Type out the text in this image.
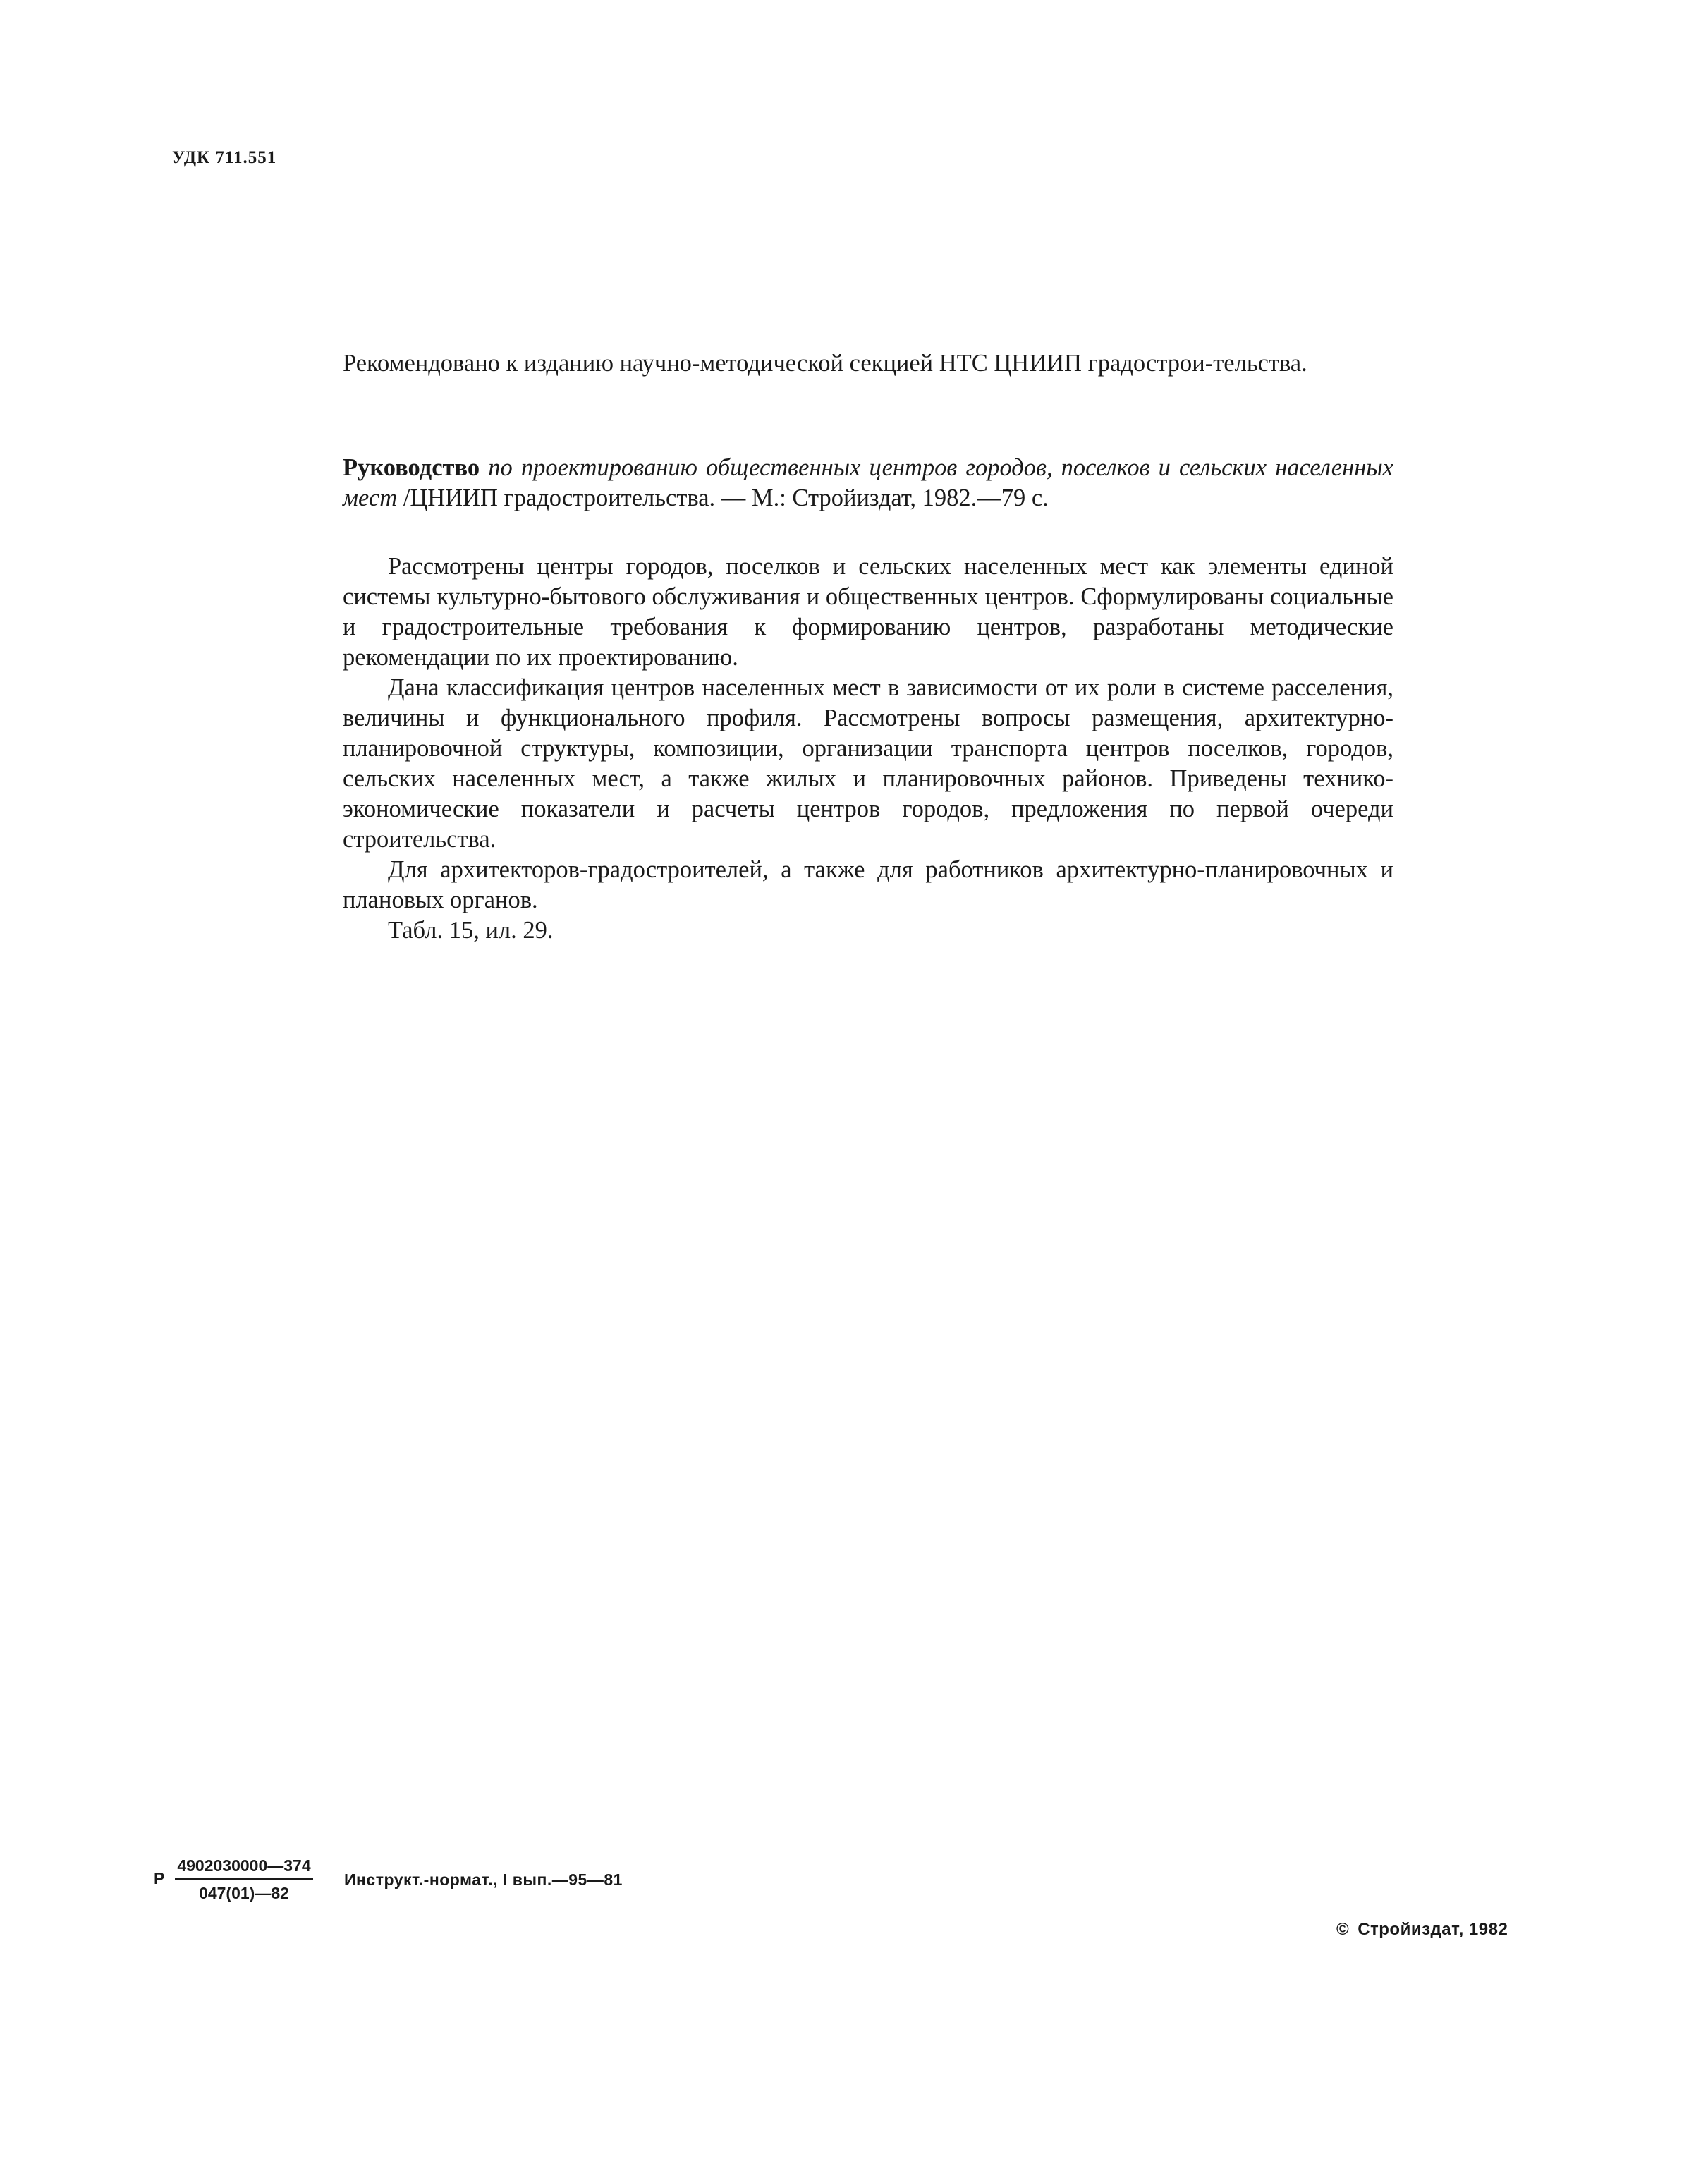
УДК 711.551
Рекомендовано к изданию научно-методической секцией НТС ЦНИИП градострои-тельства.
Руководство по проектированию общественных центров городов, поселков и сельских населенных мест /ЦНИИП градостроительства. — М.: Стройиздат, 1982.—79 с.

Рассмотрены центры городов, поселков и сельских населенных мест как элементы единой системы культурно-бытового обслуживания и общественных центров. Сформулированы социальные и градостроительные требования к формированию центров, разработаны методические рекомендации по их проектированию.

Дана классификация центров населенных мест в зависимости от их роли в системе расселения, величины и функционального профиля. Рассмотрены вопросы размещения, архитектурно-планировочной структуры, композиции, организации транспорта центров поселков, городов, сельских населенных мест, а также жилых и планировочных районов. Приведены технико-экономические показатели и расчеты центров городов, предложения по первой очереди строительства.

Для архитекторов-градостроителей, а также для работников архитектурно-планировочных и плановых органов.

Табл. 15, ил. 29.

Р $\frac{4902030000—374}{047(01)—82}$ Инструкт.-нормат., I вып.—95—81
© Стройиздат, 1982
